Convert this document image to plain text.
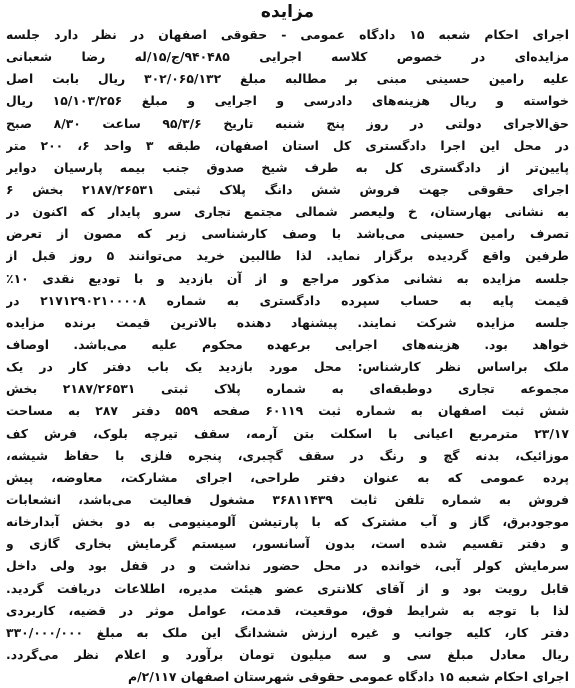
مزایده
اجرای احکام شعبه ۱۵ دادگاه عمومی - حقوقی اصفهان در نظر دارد جلسه
مزایده‌ای در خصوص کلاسه اجرایی ۹۴۰۴۸۵/ج/۱۵/له رضا شعبانی
علیه رامین حسینی مبنی بر مطالبه مبلغ ۳۰۲/۰۶۵/۱۳۲ ریال بابت اصل
خواسته و ریال هزینه‌های دادرسی و اجرایی و مبلغ ۱۵/۱۰۳/۲۵۶ ریال
حق‌الاجرای دولتی در روز پنج شنبه تاریخ ۹۵/۳/۶ ساعت ۸/۳۰ صبح
در محل این اجرا دادگستری کل استان اصفهان، طبقه ۳ واحد ۶، ۲۰۰ متر
پایین‌تر از دادگستری کل به طرف شیخ صدوق جنب بیمه پارسیان دوایر
اجرای حقوقی جهت فروش شش دانگ پلاک ثبتی ۲۱۸۷/۲۶۵۳۱ بخش ۶
به نشانی بهارستان، خ ولیعصر شمالی مجتمع تجاری سرو پایدار که اکنون در
تصرف رامین حسینی می‌باشد با وصف کارشناسی زیر که مصون از تعرض
طرفین واقع گردیده برگزار نماید. لذا طالبین خرید می‌توانند ۵ روز قبل از
جلسه مزایده به نشانی مذکور مراجع و از آن بازدید و با تودیع نقدی ۱۰٪
قیمت پایه به حساب سپرده دادگستری به شماره ۲۱۷۱۲۹۰۲۱۰۰۰۰۸ در
جلسه مزایده شرکت نمایند. پیشنهاد دهنده بالاترین قیمت برنده مزایده
خواهد بود. هزینه‌های اجرایی برعهده محکوم علیه می‌باشد. اوصاف
ملک براساس نظر کارشناس: محل مورد بازدید یک باب دفتر کار در یک
مجموعه تجاری دوطبقه‌ای به شماره پلاک ثبتی ۲۱۸۷/۲۶۵۳۱ بخش
شش ثبت اصفهان به شماره ثبت ۶۰۱۱۹ صفحه ۵۵۹ دفتر ۲۸۷ به مساحت
۲۳/۱۷ مترمربع اعیانی با اسکلت بتن آرمه، سقف تیرچه بلوک، فرش کف
موزائیک، بدنه گچ و رنگ در سقف گچبری، پنجره فلزی با حفاظ شیشه،
پرده عمومی که به عنوان دفتر طراحی، اجرای مشارکت، معاوضه، پیش
فروش به شماره تلفن ثابت ۳۶۸۱۱۴۳۹ مشغول فعالیت می‌باشد، انشعابات
موجودبرق، گاز و آب مشترک که با پارتیشن آلومینیومی به دو بخش آبدارخانه
و دفتر تقسیم شده است، بدون آسانسور، سیستم گرمایش بخاری گازی و
سرمایش کولر آبی، خوانده در محل حضور نداشت و در قفل بود ولی داخل
قابل رویت بود و از آقای کلانتری عضو هیئت مدیره، اطلاعات دریافت گردید.
لذا با توجه به شرایط فوق، موقعیت، قدمت، عوامل موثر در قضیه، کاربردی
دفتر کار، کلیه جوانب و غیره ارزش ششدانگ این ملک به مبلغ ۳۳۰/۰۰۰/۰۰۰
ریال معادل مبلغ سی و سه میلیون تومان برآورد و اعلام نظر می‌گردد.
اجرای احکام شعبه ۱۵ دادگاه عمومی حقوقی شهرستان اصفهان ۲/۱۱۷/م
